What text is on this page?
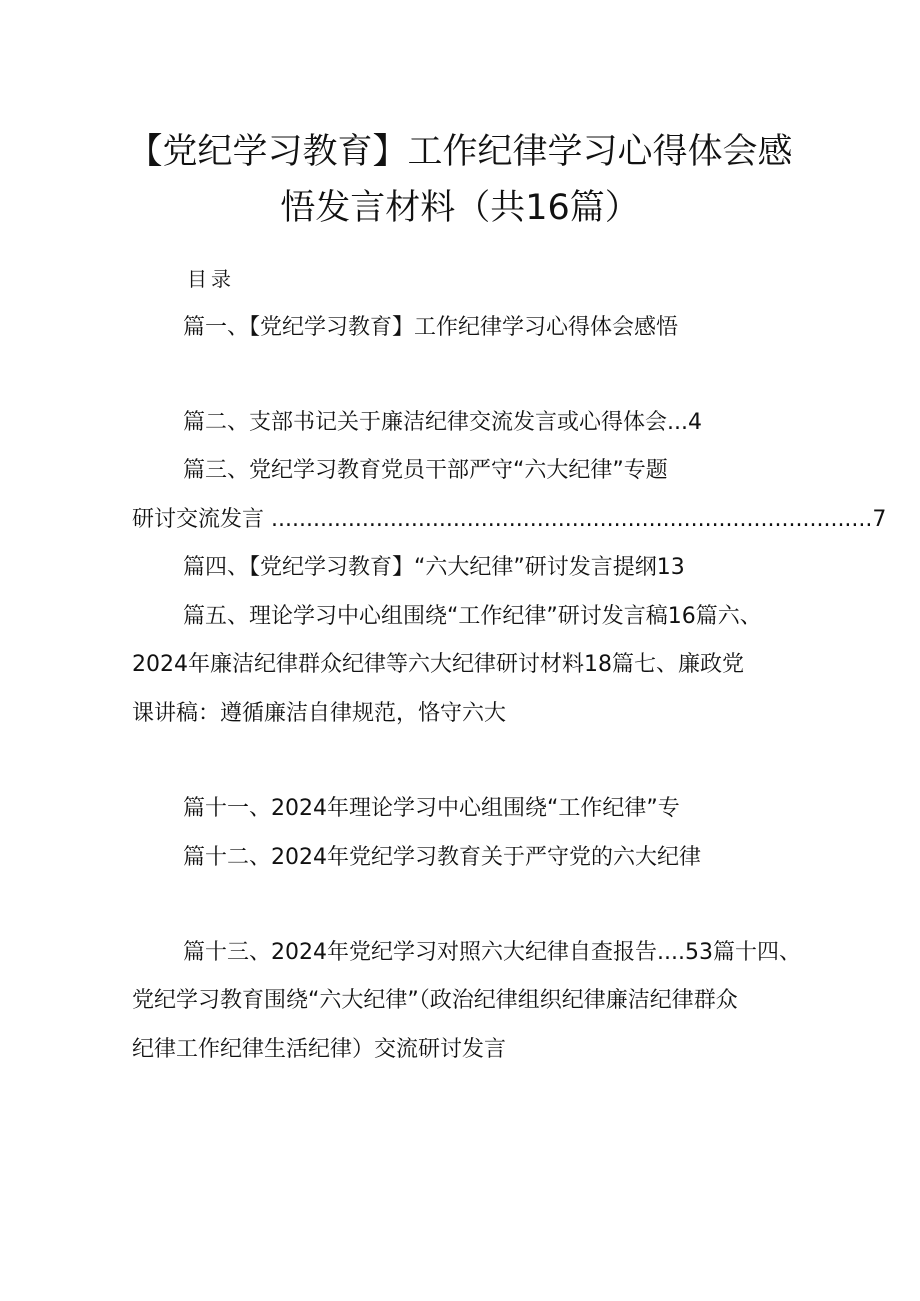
【党纪学习教育】工作纪律学习心得体会感
悟发言材料（共16篇）
目录
篇一、【党纪学习教育】工作纪律学习心得体会感悟
篇二、支部书记关于廉洁纪律交流发言或心得体会...4
篇三、党纪学习教育党员干部严守“六大纪律”专题
研讨交流发言 ......................................................................................7
篇四、【党纪学习教育】“六大纪律”研讨发言提纲13
篇五、理论学习中心组围绕“工作纪律”研讨发言稿16篇六、
2024年廉洁纪律群众纪律等六大纪律研讨材料18篇七、廉政党
课讲稿：遵循廉洁自律规范，恪守六大
篇十一、2024年理论学习中心组围绕“工作纪律”专
篇十二、2024年党纪学习教育关于严守党的六大纪律
篇十三、2024年党纪学习对照六大纪律自查报告....53篇十四、
党纪学习教育围绕“六大纪律”（政治纪律组织纪律廉洁纪律群众
纪律工作纪律生活纪律）交流研讨发言
